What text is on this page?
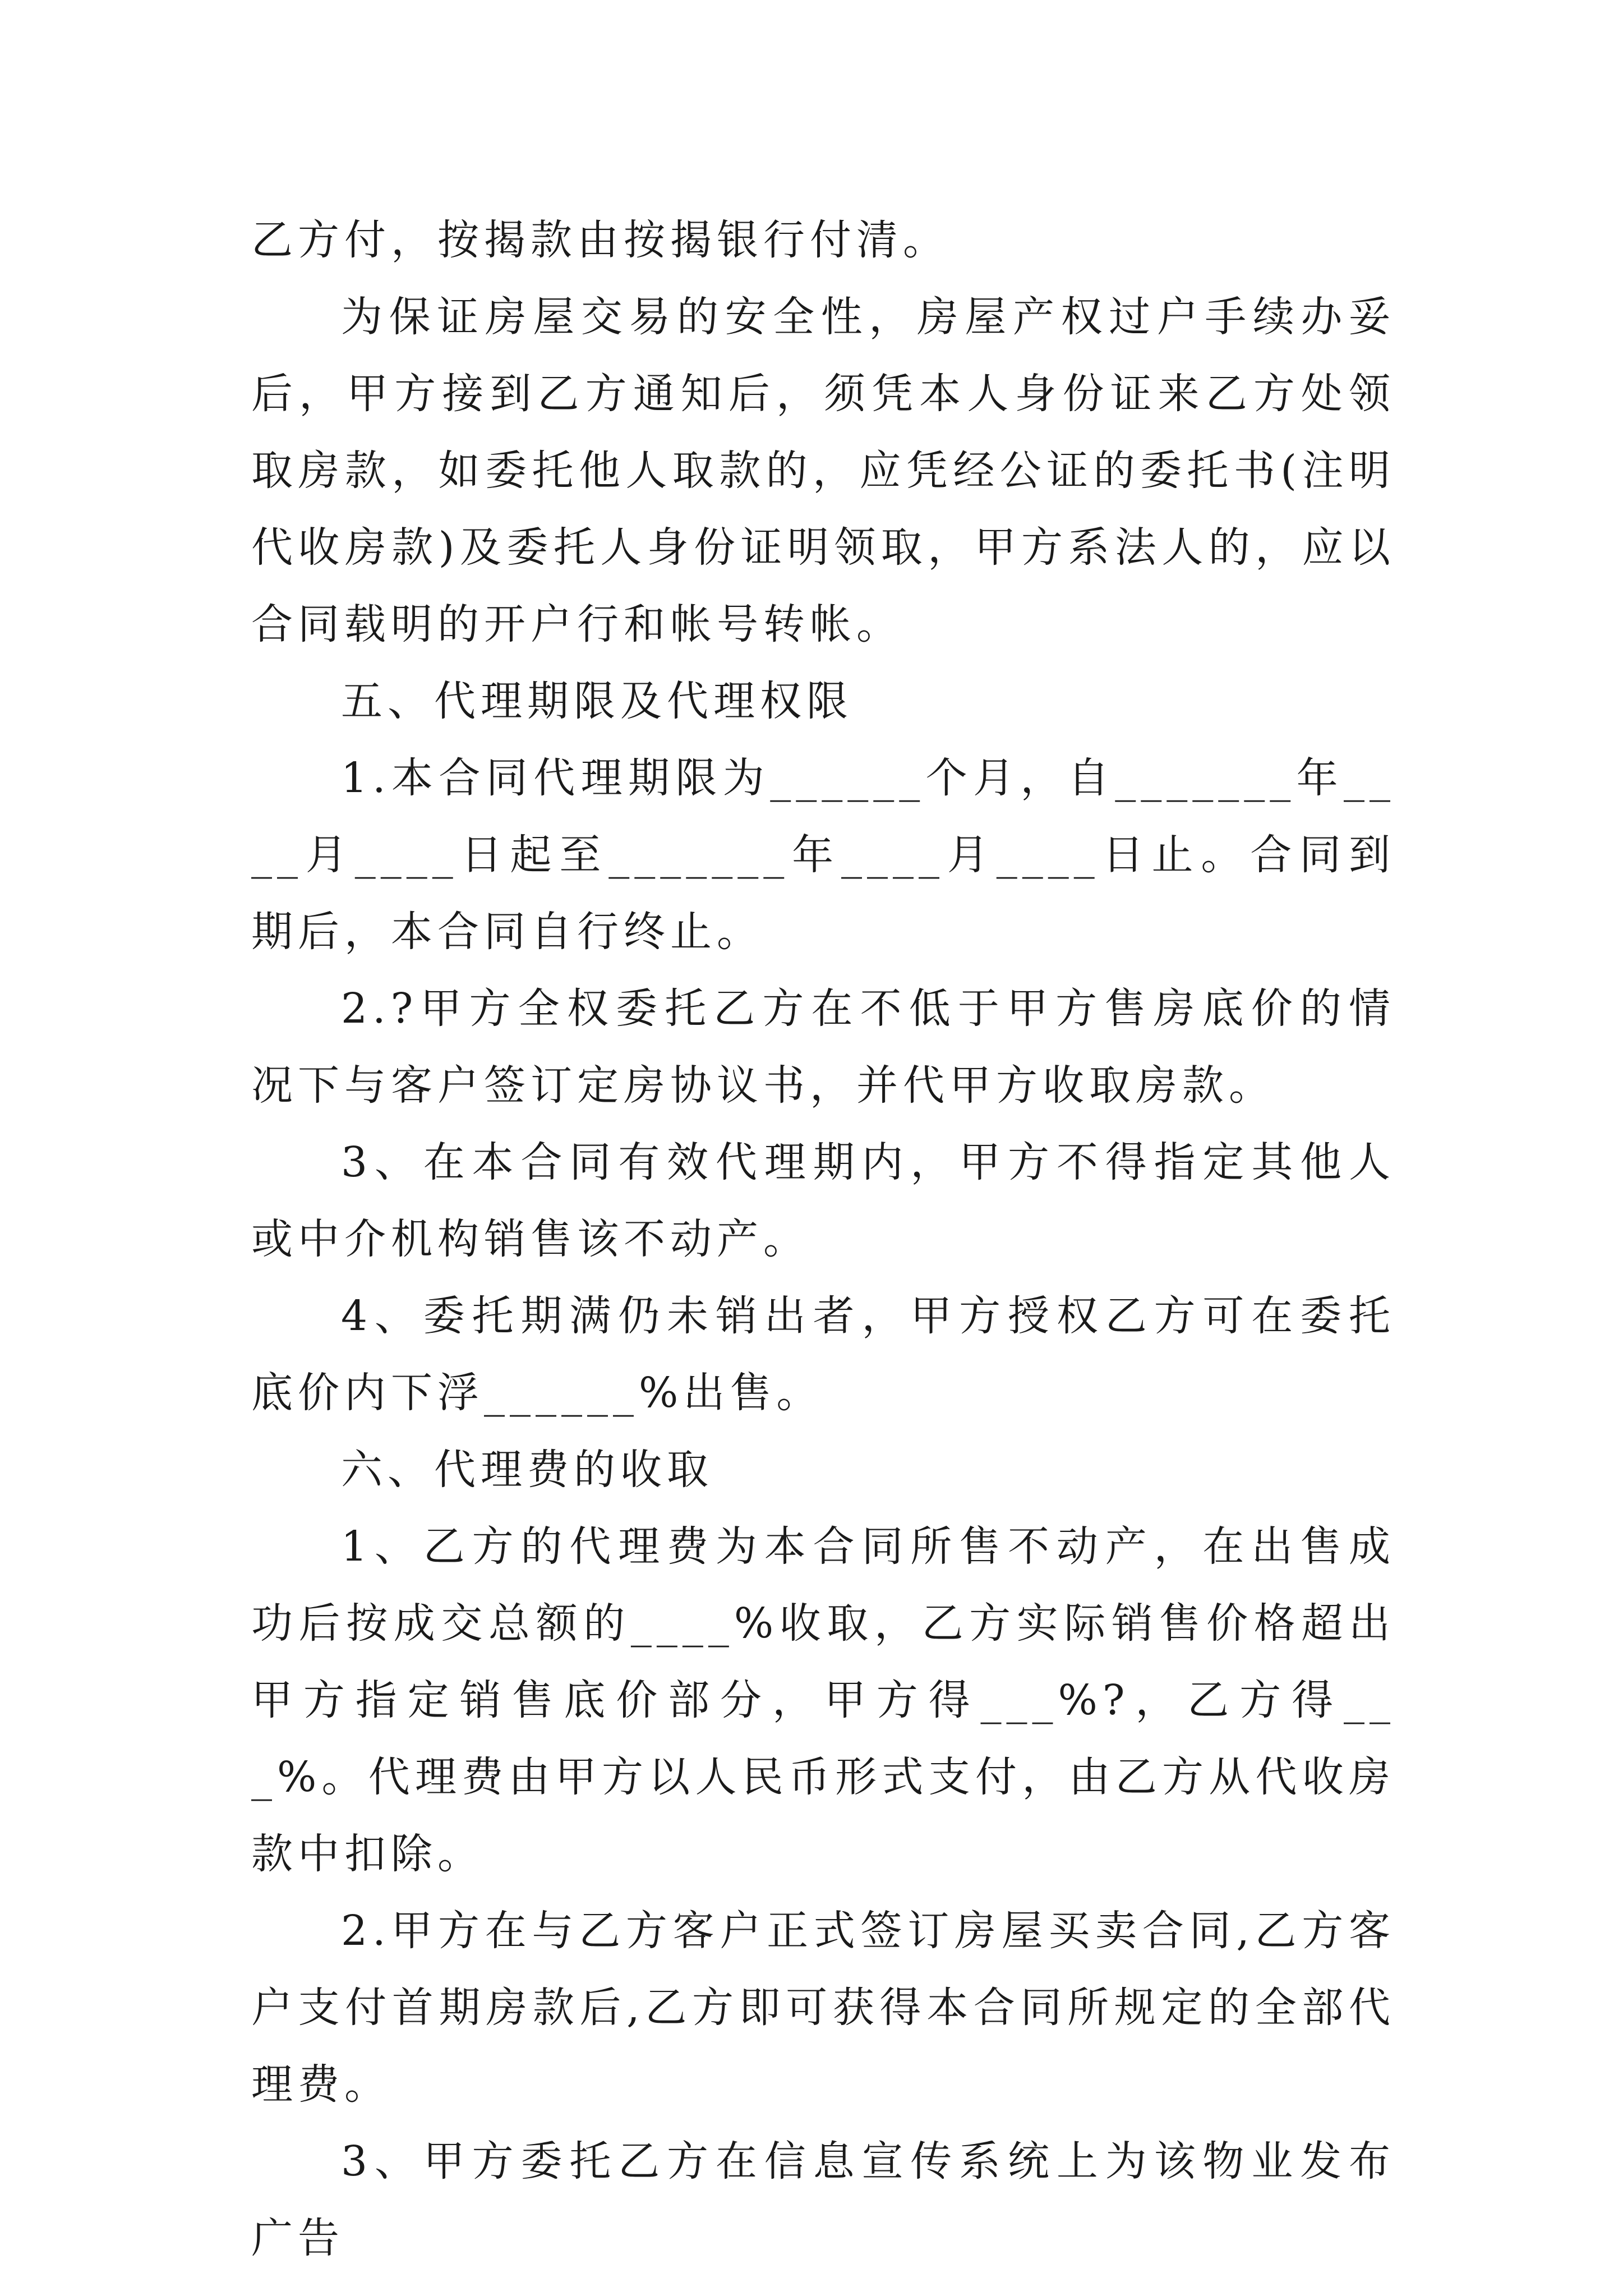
乙方付，按揭款由按揭银行付清。

为保证房屋交易的安全性，房屋产权过户手续办妥后，甲方接到乙方通知后，须凭本人身份证来乙方处领取房款，如委托他人取款的，应凭经公证的委托书(注明代收房款)及委托人身份证明领取，甲方系法人的，应以合同载明的开户行和帐号转帐。

五、代理期限及代理权限

1.本合同代理期限为______个月，自_______年____月____日起至_______年____月____日止。合同到期后，本合同自行终止。

2.?甲方全权委托乙方在不低于甲方售房底价的情况下与客户签订定房协议书，并代甲方收取房款。

3、在本合同有效代理期内，甲方不得指定其他人或中介机构销售该不动产。

4、委托期满仍未销出者，甲方授权乙方可在委托底价内下浮______%出售。

六、代理费的收取

1、乙方的代理费为本合同所售不动产，在出售成功后按成交总额的____%收取，乙方实际销售价格超出甲方指定销售底价部分，甲方得___%?，乙方得___%。代理费由甲方以人民币形式支付，由乙方从代收房款中扣除。

2.甲方在与乙方客户正式签订房屋买卖合同,乙方客户支付首期房款后,乙方即可获得本合同所规定的全部代理费。

3、甲方委托乙方在信息宣传系统上为该物业发布广告
